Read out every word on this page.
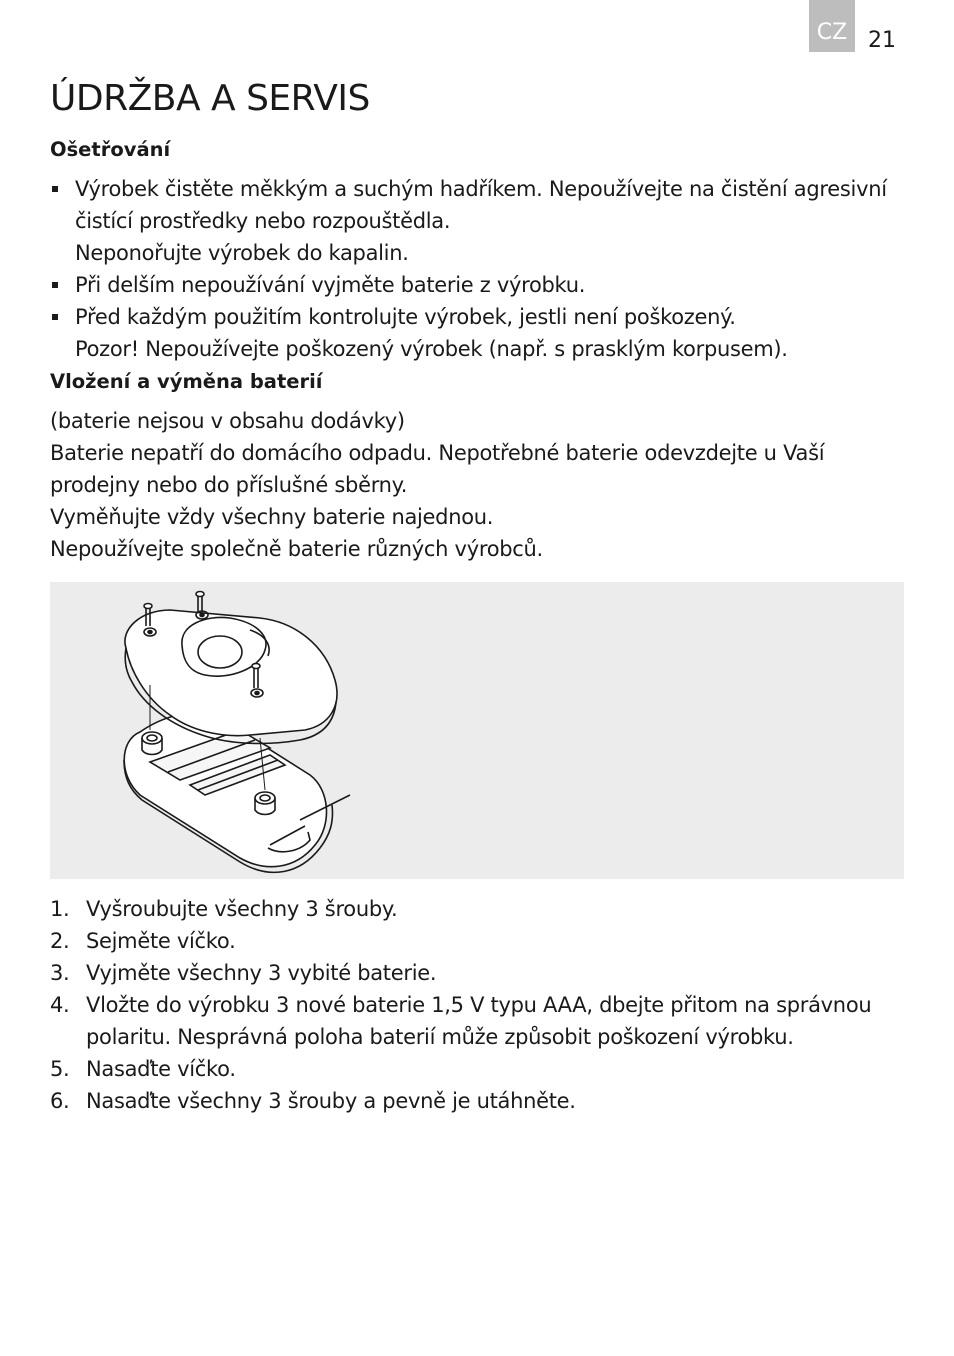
CZ 21
ÚDRŽBA A SERVIS
Ošetřování
Výrobek čistěte měkkým a suchým hadříkem. Nepoužívejte na čistění agresivní
čistící prostředky nebo rozpouštědla.
Neponořujte výrobek do kapalin.
Při delším nepoužívání vyjměte baterie z výrobku.
Před každým použitím kontrolujte výrobek, jestli není poškozený.
Pozor! Nepoužívejte poškozený výrobek (např. s prasklým korpusem).
Vložení a výměna baterií

(baterie nejsou v obsahu dodávky)

Baterie nepatří do domácího odpadu. Nepotřebné baterie odevzdejte u Vaší

prodejny nebo do příslušné sběrny.

Vyměňujte vždy všechny baterie najednou.

Nepoužívejte společně baterie různých výrobců.

1. Vyšroubujte všechny 3 šrouby.
2. Sejměte víčko.
3. Vyjměte všechny 3 vybité baterie.
4. Vložte do výrobku 3 nové baterie 1,5 V typu AAA, dbejte přitom na správnou
polaritu. Nesprávná poloha baterií může způsobit poškození výrobku.
5. Nasaďte víčko.
6. Nasaďte všechny 3 šrouby a pevně je utáhněte.
